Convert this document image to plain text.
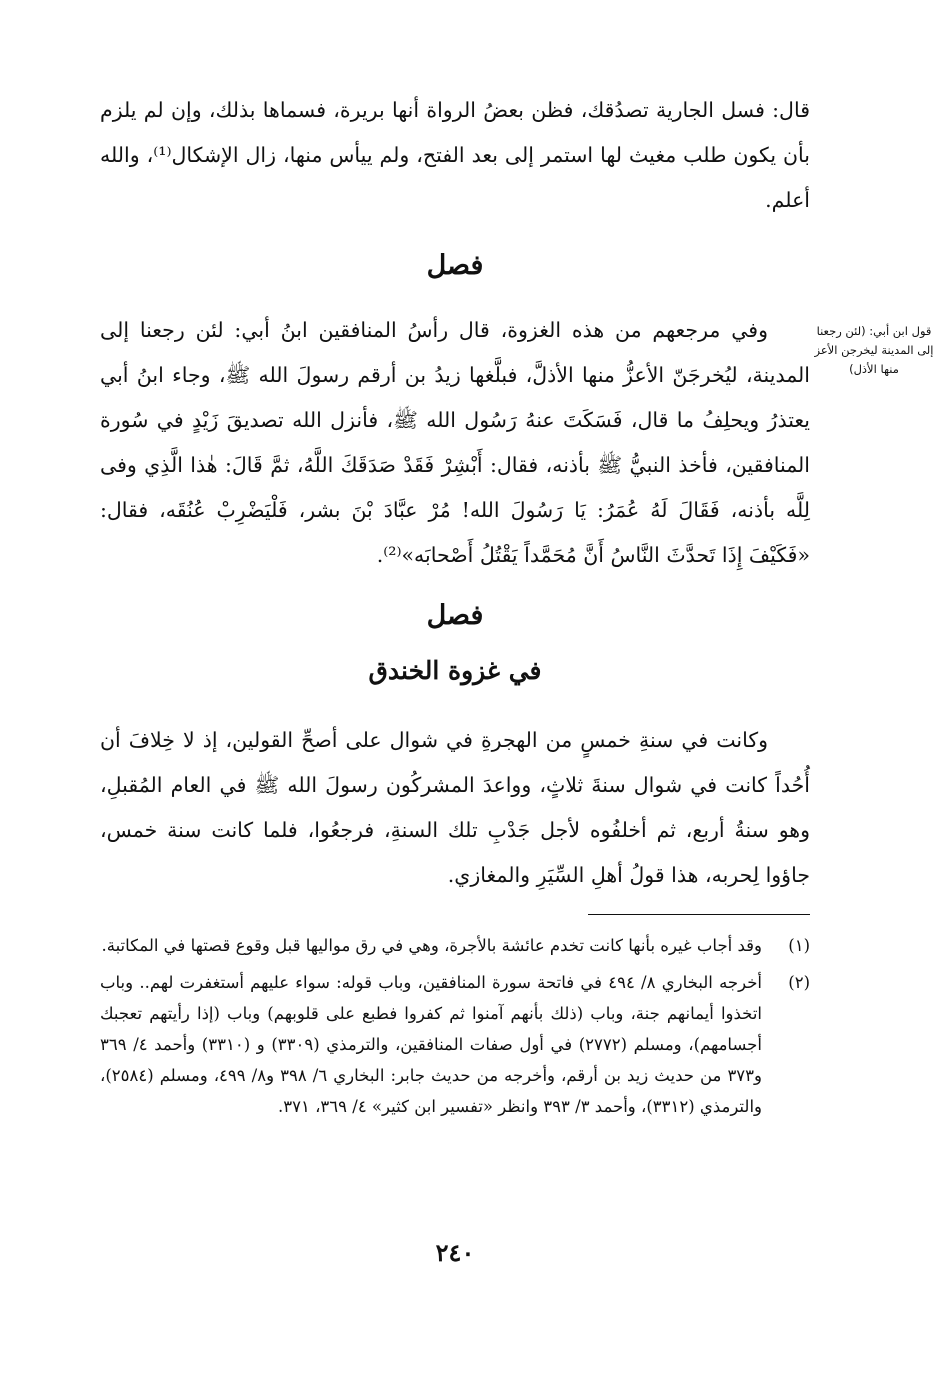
قال: فسل الجارية تصدُقك، فظن بعضُ الرواة أنها بريرة، فسماها بذلك، وإن لم يلزم بأن يكون طلب مغيث لها استمر إلى بعد الفتح، ولم ييأس منها، زال الإشكال⁽¹⁾، والله أعلم.

فصل
قول ابن أبي: (لئن رجعنا إلى المدينة ليخرجن الأعز منها الأذل)

وفي مرجعهم من هذه الغزوة، قال رأسُ المنافقين ابنُ أبي: لئن رجعنا إلى المدينة، ليُخرجَنّ الأعزُّ منها الأذلَّ، فبلَّغها زيدُ بن أرقم رسولَ الله ﷺ، وجاء ابنُ أبي يعتذرُ ويحلِفُ ما قال، فَسَكَتَ عنهُ رَسُول الله ﷺ، فأنزل الله تصديقَ زَيْدٍ في سُورة المنافقين، فأخذ النبيُّ ﷺ بأذنه، فقال: أَبْشِرْ فَقَدْ صَدَقَكَ اللَّهُ، ثمَّ قَالَ: هٰذا الَّذِي وفى لِلَّه بأذنه، فَقَالَ لَهُ عُمَرُ: يَا رَسُولَ الله! مُرْ عبَّادَ بْنَ بشر، فَلْيَضْرِبْ عُنُقَه، فقال: «فَكَيْفَ إِذَا تَحدَّثَ النَّاسُ أَنَّ مُحَمَّداً يَقْتُلُ أَصْحابَه»⁽²⁾.

فصل
في غزوة الخندق

وكانت في سنةِ خمسٍ من الهجرةِ في شوال على أصحِّ القولين، إذ لا خِلافَ أن أُحُداً كانت في شوال سنةَ ثلاثٍ، وواعدَ المشركُون رسولَ الله ﷺ في العام المُقبلِ، وهو سنةُ أربع، ثم أخلفُوه لأجل جَدْبِ تلك السنةِ، فرجعُوا، فلما كانت سنة خمس، جاؤوا لِحربه، هذا قولُ أهلِ السِّيَرِ والمغازي.

(١)
وقد أجاب غيره بأنها كانت تخدم عائشة بالأجرة، وهي في رق مواليها قبل وقوع قصتها في المكاتبة.
(٢)
أخرجه البخاري ٨/ ٤٩٤ في فاتحة سورة المنافقين، وباب قوله: سواء عليهم أستغفرت لهم.. وباب اتخذوا أيمانهم جنة، وباب (ذلك بأنهم آمنوا ثم كفروا فطبع على قلوبهم) وباب (إذا رأيتهم تعجبك أجسامهم)، ومسلم (٢٧٧٢) في أول صفات المنافقين، والترمذي (٣٣٠٩) و (٣٣١٠) وأحمد ٤/ ٣٦٩ و٣٧٣ من حديث زيد بن أرقم، وأخرجه من حديث جابر: البخاري ٦/ ٣٩٨ و٨/ ٤٩٩، ومسلم (٢٥٨٤)، والترمذي (٣٣١٢)، وأحمد ٣/ ٣٩٣ وانظر «تفسير ابن كثير» ٤/ ٣٦٩، ٣٧١.
٢٤٠
